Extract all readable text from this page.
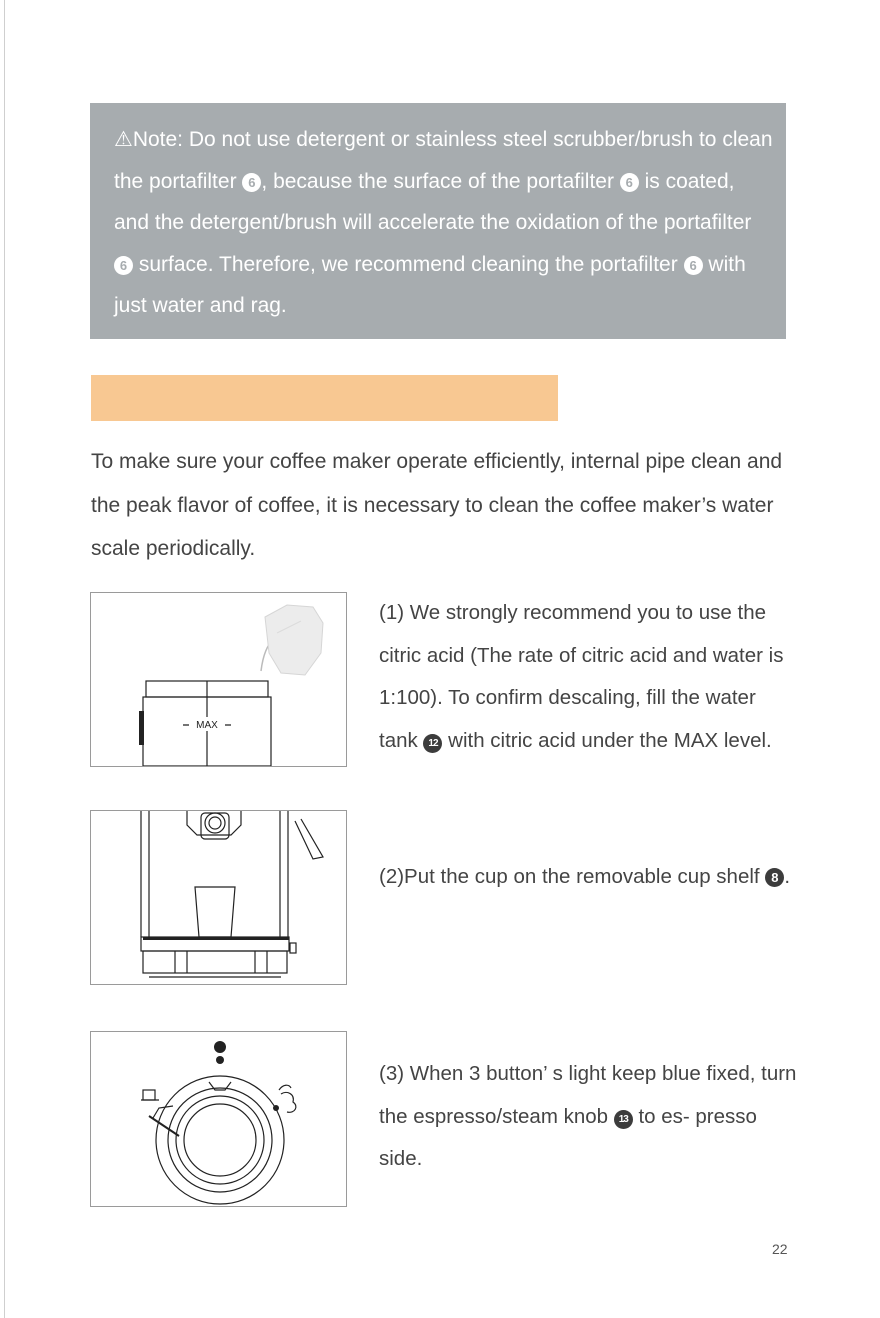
⚠Note: Do not use detergent or stainless steel scrubber/brush to clean the portafilter 6 , because the surface of the portafilter 6 is coated, and the detergent/brush will accelerate the oxidation of the portafilter 6 surface. Therefore, we recommend cleaning the portafilter 6 with just water and rag.
To make sure your coffee maker operate efficiently, internal pipe clean and the peak flavor of coffee, it is necessary to clean the coffee maker’s water scale periodically.
MAX
(1) We strongly recommend you to use the citric acid (The rate of citric acid and water is 1:100). To confirm descaling, fill the water tank 12 with citric acid under the MAX level.
(2)Put the cup on the removable cup shelf 8 .
(3) When 3 button’ s light keep blue fixed, turn the espresso/steam knob 13 to es- presso side.
22
